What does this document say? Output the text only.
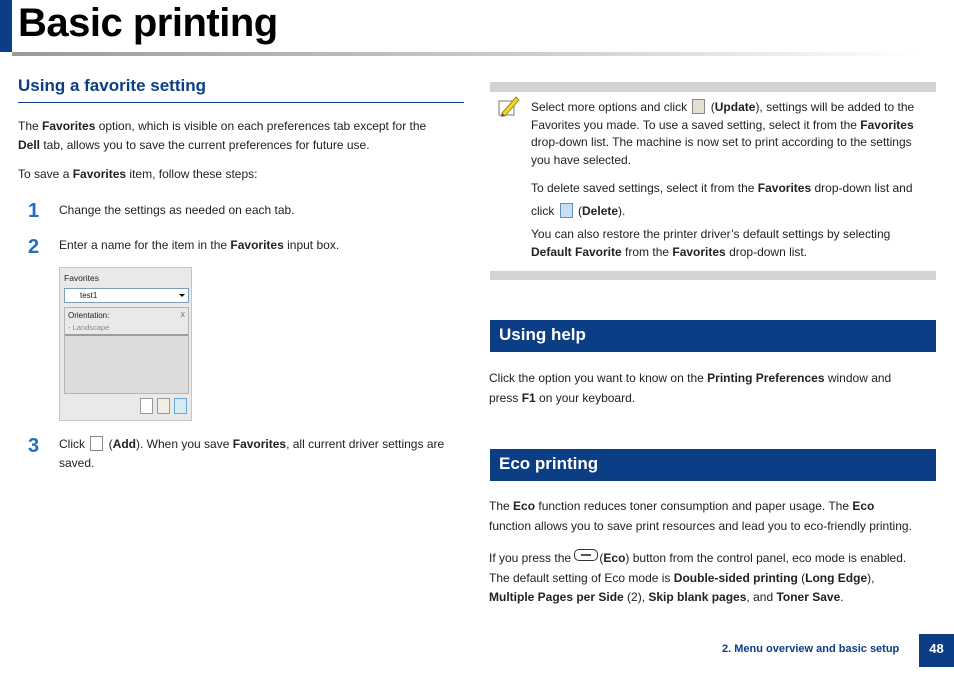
Basic printing
Using a favorite setting
The Favorites option, which is visible on each preferences tab except for the
Dell tab, allows you to save the current preferences for future use.
To save a Favorites item, follow these steps:
1 Change the settings as needed on each tab.
2 Enter a name for the item in the Favorites input box.
Favorites
test1
Orientation:
- Landscape
x
3 Click  (Add). When you save Favorites, all current driver settings are
saved.
Select more options and click  (Update), settings will be added to the
Favorites you made. To use a saved setting, select it from the Favorites
drop-down list. The machine is now set to print according to the settings
you have selected.
To delete saved settings, select it from the Favorites drop-down list and
click  (Delete).
You can also restore the printer driver’s default settings by selecting
Default Favorite from the Favorites drop-down list.
Using help
Click the option you want to know on the Printing Preferences window and
press F1 on your keyboard.
Eco printing
The Eco function reduces toner consumption and paper usage. The Eco
function allows you to save print resources and lead you to eco-friendly printing.
If you press the (Eco) button from the control panel, eco mode is enabled.
The default setting of Eco mode is Double-sided printing (Long Edge),
Multiple Pages per Side (2), Skip blank pages, and Toner Save.
2. Menu overview and basic setup	48
